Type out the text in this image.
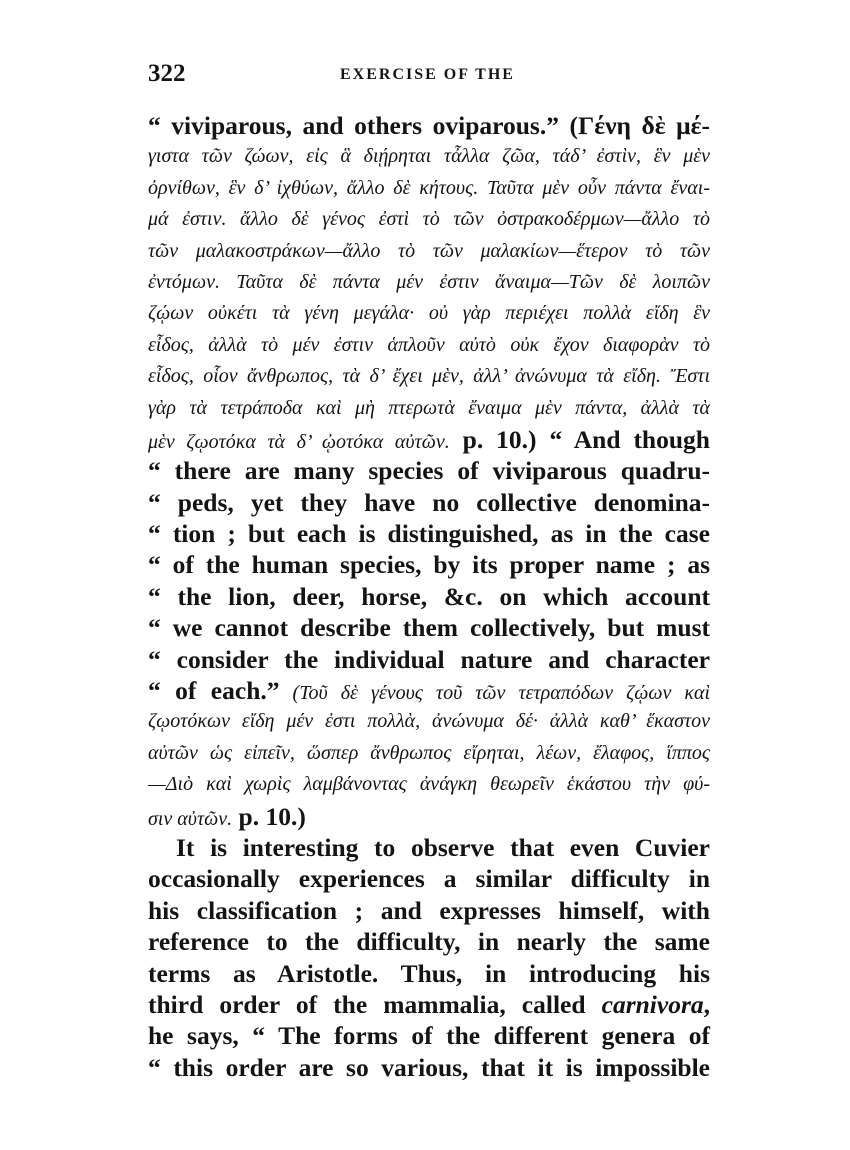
322	EXERCISE OF THE
“ viviparous, and others oviparous.” (Γένη δὲ μέ-
γιστα τῶν ζώων, εἰς ἃ διῄρηται τἆλλα ζῶα, τάδ’ ἐστὶν, ἓν μὲν
ὀρνίθων, ἓν δ’ ἰχθύων, ἄλλο δὲ κήτους. Ταῦτα μὲν οὖν πάντα ἔναι-
μά ἐστιν. ἄλλο δὲ γένος ἐστὶ τὸ τῶν ὀστρακοδέρμων—ἄλλο τὸ
τῶν μαλακοστράκων—ἄλλο τὸ τῶν μαλακίων—ἕτερον τὸ τῶν
ἐντόμων. Ταῦτα δὲ πάντα μέν ἐστιν ἄναιμα—Τῶν δὲ λοιπῶν
ζῴων οὐκέτι τὰ γένη μεγάλα· οὐ γὰρ περιέχει πολλὰ εἴδη ἓν
εἶδος, ἀλλὰ τὸ μέν ἐστιν ἁπλοῦν αὐτὸ οὐκ ἔχον διαφορὰν τὸ
εἶδος, οἷον ἄνθρωπος, τὰ δ’ ἔχει μὲν, ἀλλ’ ἀνώνυμα τὰ εἴδη. Ἔστι
γὰρ τὰ τετράποδα καὶ μὴ πτερωτὰ ἔναιμα μὲν πάντα, ἀλλὰ τὰ
μὲν ζῳοτόκα τὰ δ’ ᾠοτόκα αὐτῶν. p. 10.) “ And though
“ there are many species of viviparous quadru-
“ peds, yet they have no collective denomina-
“ tion ; but each is distinguished, as in the case
“ of the human species, by its proper name ; as
“ the lion, deer, horse, &c. on which account
“ we cannot describe them collectively, but must
“ consider the individual nature and character
“ of each.” (Τοῦ δὲ γένους τοῦ τῶν τετραπόδων ζῴων καὶ
ζῳοτόκων εἴδη μέν ἐστι πολλὰ, ἀνώνυμα δέ· ἀλλὰ καθ’ ἕκαστον
αὐτῶν ὡς εἰπεῖν, ὥσπερ ἄνθρωπος εἴρηται, λέων, ἔλαφος, ἵππος
—Διὸ καὶ χωρὶς λαμβάνοντας ἀνάγκη θεωρεῖν ἑκάστου τὴν φύ-
σιν αὐτῶν. p. 10.)
It is interesting to observe that even Cuvier
occasionally experiences a similar difficulty in
his classification ; and expresses himself, with
reference to the difficulty, in nearly the same
terms as Aristotle. Thus, in introducing his
third order of the mammalia, called carnivora,
he says, “ The forms of the different genera of
“ this order are so various, that it is impossible
